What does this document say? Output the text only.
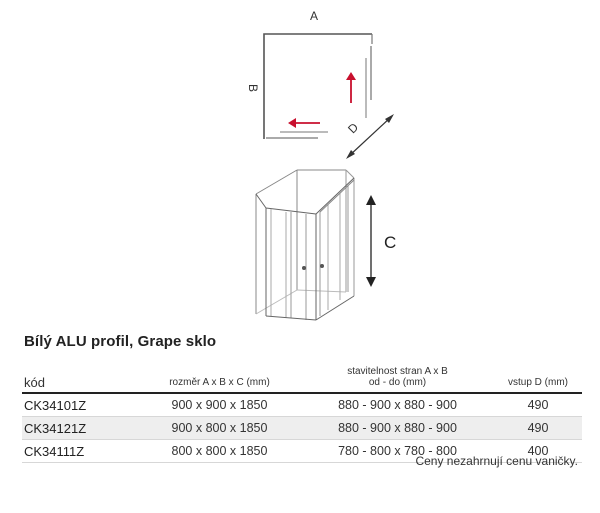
A
B
D
C
Bílý ALU profil, Grape sklo
kód	rozměr A x B x C (mm)	stavitelnost stran A x B
od - do (mm)	vstup D (mm)
CK34101Z	900 x 900 x 1850	880 - 900 x 880 - 900	490
CK34121Z	900 x 800 x 1850	880 - 900 x 880 - 900	490
CK34111Z	800 x 800 x 1850	780 - 800 x 780 - 800	400
Ceny nezahrnují cenu vaničky.
